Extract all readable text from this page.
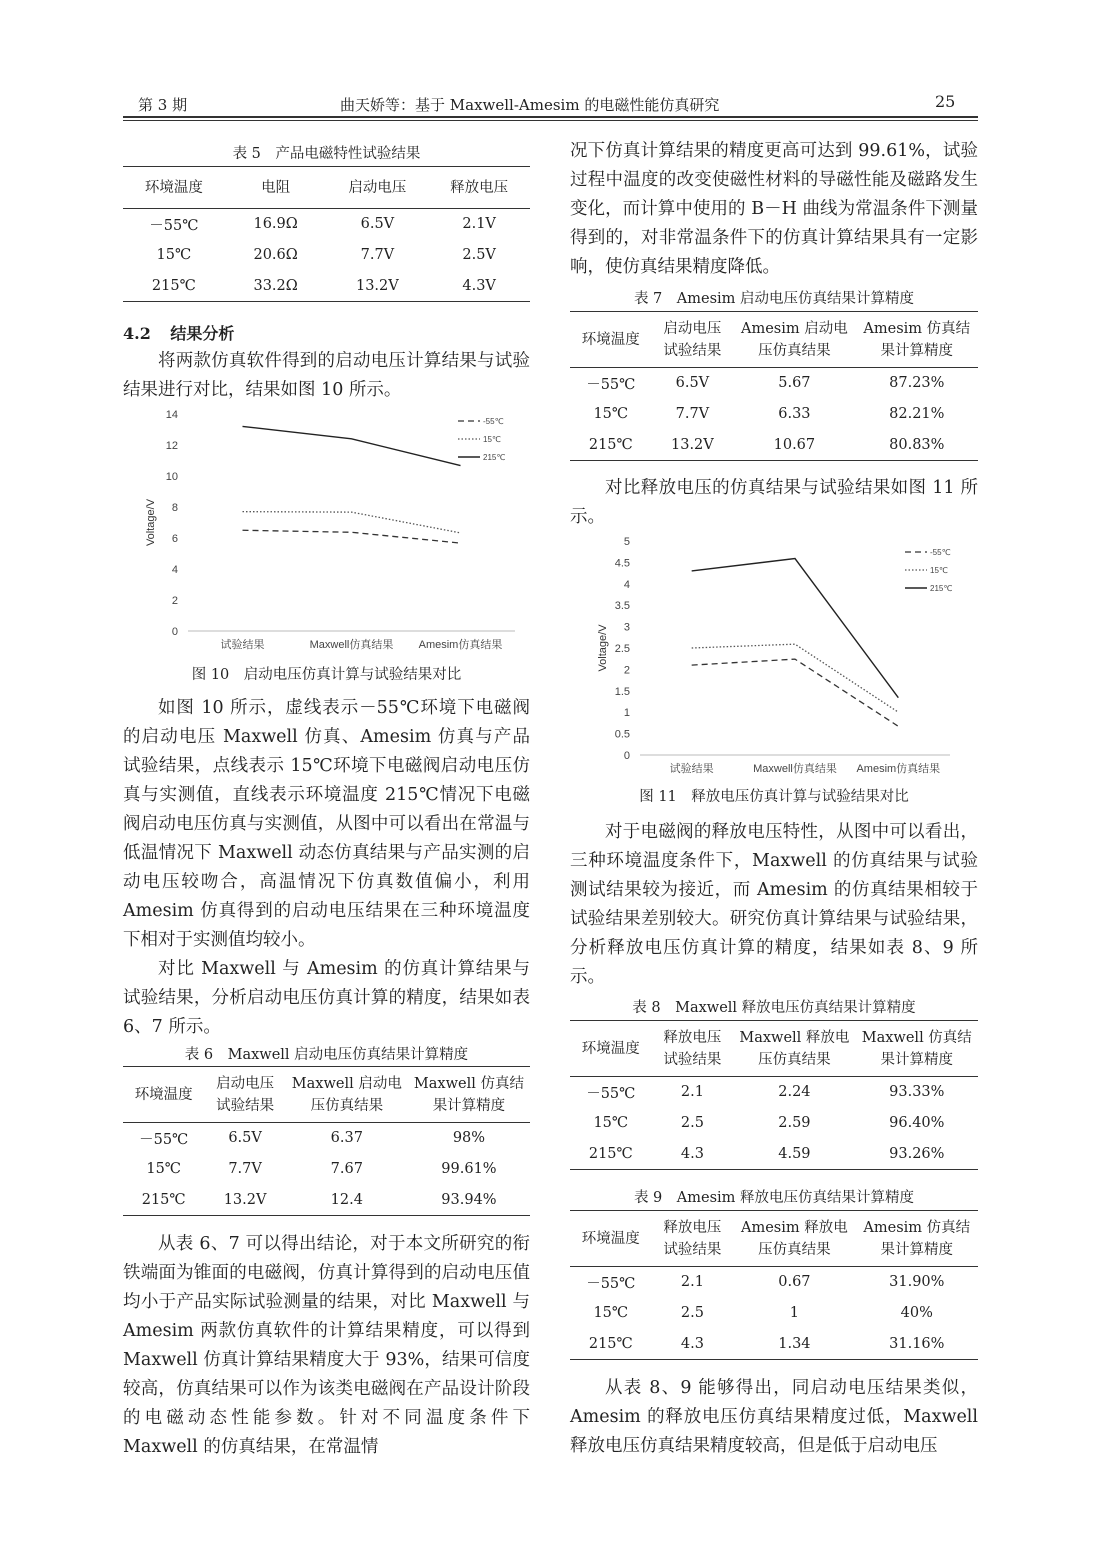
第 3 期	曲天娇等：基于 Maxwell-Amesim 的电磁性能仿真研究	25
表 5　产品电磁特性试验结果
环境温度	电阻	启动电压	释放电压
－55℃	16.9Ω	6.5V	2.1V
15℃	20.6Ω	7.7V	2.5V
215℃	33.2Ω	13.2V	4.3V
4.2 结果分析

将两款仿真软件得到的启动电压计算结果与试验结果进行对比，结果如图 10 所示。

0
2
4
6
8
10
12
14
试验结果	Maxwell仿真结果 Amesim仿真结果
Voltage/V
-55℃
15℃
215℃
图 10　启动电压仿真计算与试验结果对比

如图 10 所示，虚线表示－55℃环境下电磁阀的启动电压 Maxwell 仿真、Amesim 仿真与产品试验结果，点线表示 15℃环境下电磁阀启动电压仿真与实测值，直线表示环境温度 215℃情况下电磁阀启动电压仿真与实测值，从图中可以看出在常温与低温情况下 Maxwell 动态仿真结果与产品实测的启动电压较吻合，高温情况下仿真数值偏小，利用 Amesim 仿真得到的启动电压结果在三种环境温度下相对于实测值均较小。

对比 Maxwell 与 Amesim 的仿真计算结果与试验结果，分析启动电压仿真计算的精度，结果如表 6、7 所示。

表 6　Maxwell 启动电压仿真结果计算精度
环境温度	启动电压试验结果	Maxwell 启动电压仿真结果	Maxwell 仿真结果计算精度
－55℃	6.5V	6.37	98%
15℃	7.7V	7.67	99.61%
215℃	13.2V	12.4	93.94%

从表 6、7 可以得出结论，对于本文所研究的衔铁端面为锥面的电磁阀，仿真计算得到的启动电压值均小于产品实际试验测量的结果，对比 Maxwell 与 Amesim 两款仿真软件的计算结果精度，可以得到 Maxwell 仿真计算结果精度大于 93%，结果可信度较高，仿真结果可以作为该类电磁阀在产品设计阶段的电磁动态性能参数。针对不同温度条件下 Maxwell 的仿真结果，在常温情

况下仿真计算结果的精度更高可达到 99.61%，试验过程中温度的改变使磁性材料的导磁性能及磁路发生变化，而计算中使用的 B－H 曲线为常温条件下测量得到的，对非常温条件下的仿真计算结果具有一定影响，使仿真结果精度降低。

表 7　Amesim 启动电压仿真结果计算精度
环境温度	启动电压试验结果	Amesim 启动电压仿真结果	Amesim 仿真结果计算精度
－55℃	6.5V	5.67	87.23%
15℃	7.7V	6.33	82.21%
215℃	13.2V	10.67	80.83%

对比释放电压的仿真结果与试验结果如图 11 所示。

0
0.5
1
1.5
2
2.5
3
3.5
4
4.5
5
试验结果	Maxwell仿真结果 Amesim仿真结果
Voltage/V
-55℃
15℃
215℃
图 11　释放电压仿真计算与试验结果对比

对于电磁阀的释放电压特性，从图中可以看出，三种环境温度条件下，Maxwell 的仿真结果与试验测试结果较为接近，而 Amesim 的仿真结果相较于试验结果差别较大。研究仿真计算结果与试验结果，分析释放电压仿真计算的精度，结果如表 8、9 所示。

表 8　Maxwell 释放电压仿真结果计算精度
环境温度	释放电压试验结果	Maxwell 释放电压仿真结果	Maxwell 仿真结果计算精度
－55℃	2.1	2.24	93.33%
15℃	2.5	2.59	96.40%
215℃	4.3	4.59	93.26%
表 9　Amesim 释放电压仿真结果计算精度
环境温度	释放电压试验结果	Amesim 释放电压仿真结果	Amesim 仿真结果计算精度
－55℃	2.1	0.67	31.90%
15℃	2.5	1	40%
215℃	4.3	1.34	31.16%

从表 8、9 能够得出，同启动电压结果类似，Amesim 的释放电压仿真结果精度过低，Maxwell 释放电压仿真结果精度较高，但是低于启动电压
